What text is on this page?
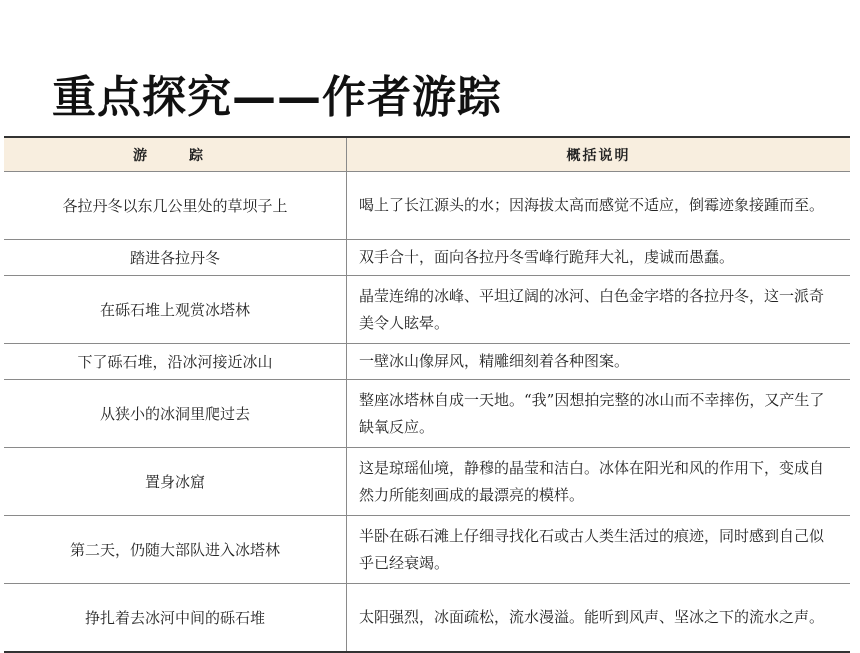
重点探究——作者游踪
游　踪	概括说明
各拉丹冬以东几公里处的草坝子上	喝上了长江源头的水；因海拔太高而感觉不适应，倒霉迹象接踵而至。
踏进各拉丹冬	双手合十，面向各拉丹冬雪峰行跪拜大礼，虔诚而愚蠢。
在砾石堆上观赏冰塔林	晶莹连绵的冰峰、平坦辽阔的冰河、白色金字塔的各拉丹冬，这一派奇美令人眩晕。
下了砾石堆，沿冰河接近冰山	一壁冰山像屏风，精雕细刻着各种图案。
从狭小的冰洞里爬过去	整座冰塔林自成一天地。“我”因想拍完整的冰山而不幸摔伤，又产生了缺氧反应。
置身冰窟	这是琼瑶仙境，静穆的晶莹和洁白。冰体在阳光和风的作用下，变成自然力所能刻画成的最漂亮的模样。
第二天，仍随大部队进入冰塔林	半卧在砾石滩上仔细寻找化石或古人类生活过的痕迹，同时感到自己似乎已经衰竭。
挣扎着去冰河中间的砾石堆	太阳强烈，冰面疏松，流水漫溢。能听到风声、坚冰之下的流水之声。
